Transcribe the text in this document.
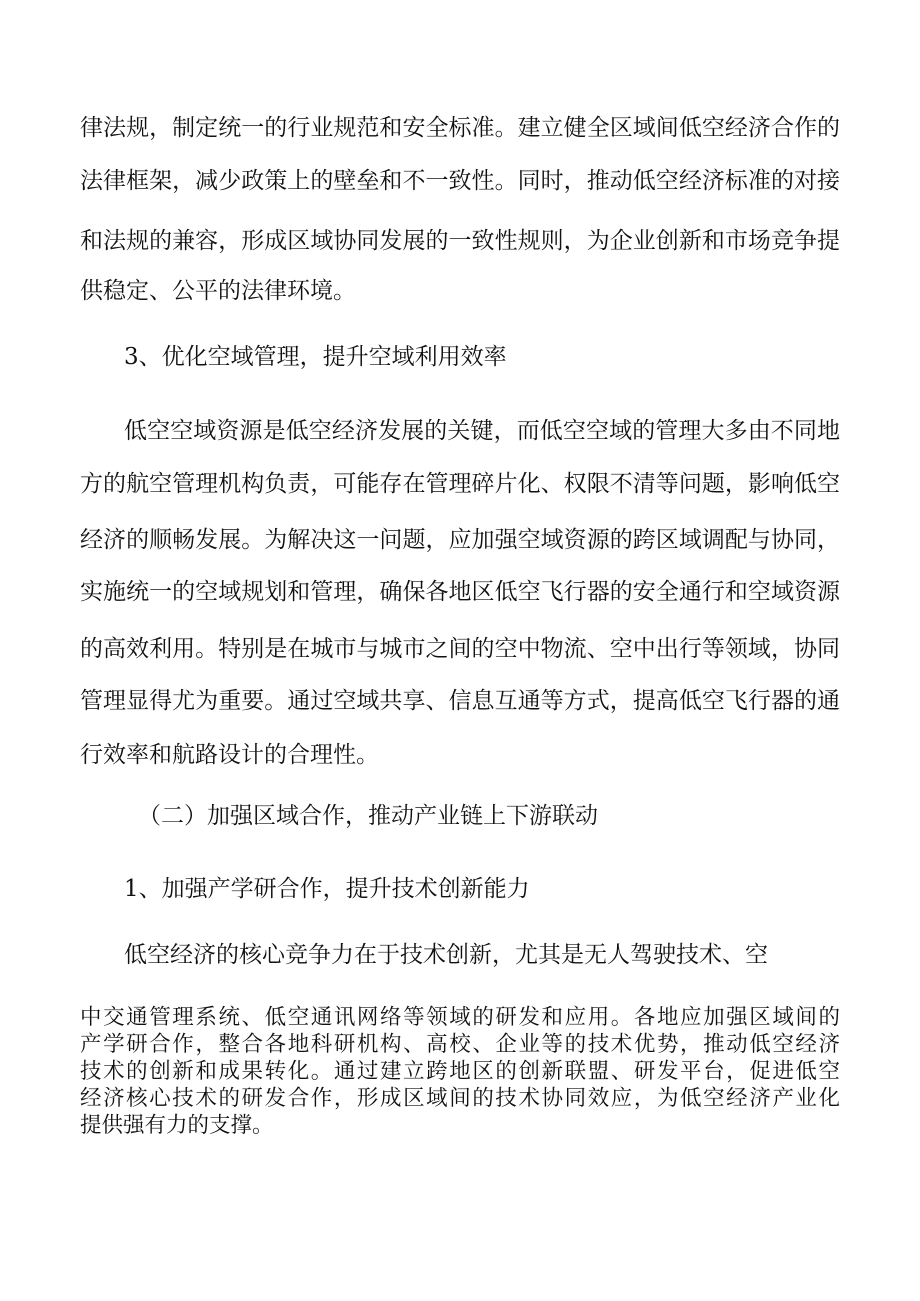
律法规，制定统一的行业规范和安全标准。建立健全区域间低空经济合作的

法律框架，减少政策上的壁垒和不一致性。同时，推动低空经济标准的对接

和法规的兼容，形成区域协同发展的一致性规则，为企业创新和市场竞争提

供稳定、公平的法律环境。

3、优化空域管理，提升空域利用效率

低空空域资源是低空经济发展的关键，而低空空域的管理大多由不同地

方的航空管理机构负责，可能存在管理碎片化、权限不清等问题，影响低空

经济的顺畅发展。为解决这一问题，应加强空域资源的跨区域调配与协同，

实施统一的空域规划和管理，确保各地区低空飞行器的安全通行和空域资源

的高效利用。特别是在城市与城市之间的空中物流、空中出行等领域，协同

管理显得尤为重要。通过空域共享、信息互通等方式，提高低空飞行器的通

行效率和航路设计的合理性。

（二）加强区域合作，推动产业链上下游联动

1、加强产学研合作，提升技术创新能力

低空经济的核心竞争力在于技术创新，尤其是无人驾驶技术、空

中交通管理系统、低空通讯网络等领域的研发和应用。各地应加强区域间的

产学研合作，整合各地科研机构、高校、企业等的技术优势，推动低空经济

技术的创新和成果转化。通过建立跨地区的创新联盟、研发平台，促进低空

经济核心技术的研发合作，形成区域间的技术协同效应，为低空经济产业化

提供强有力的支撑。
